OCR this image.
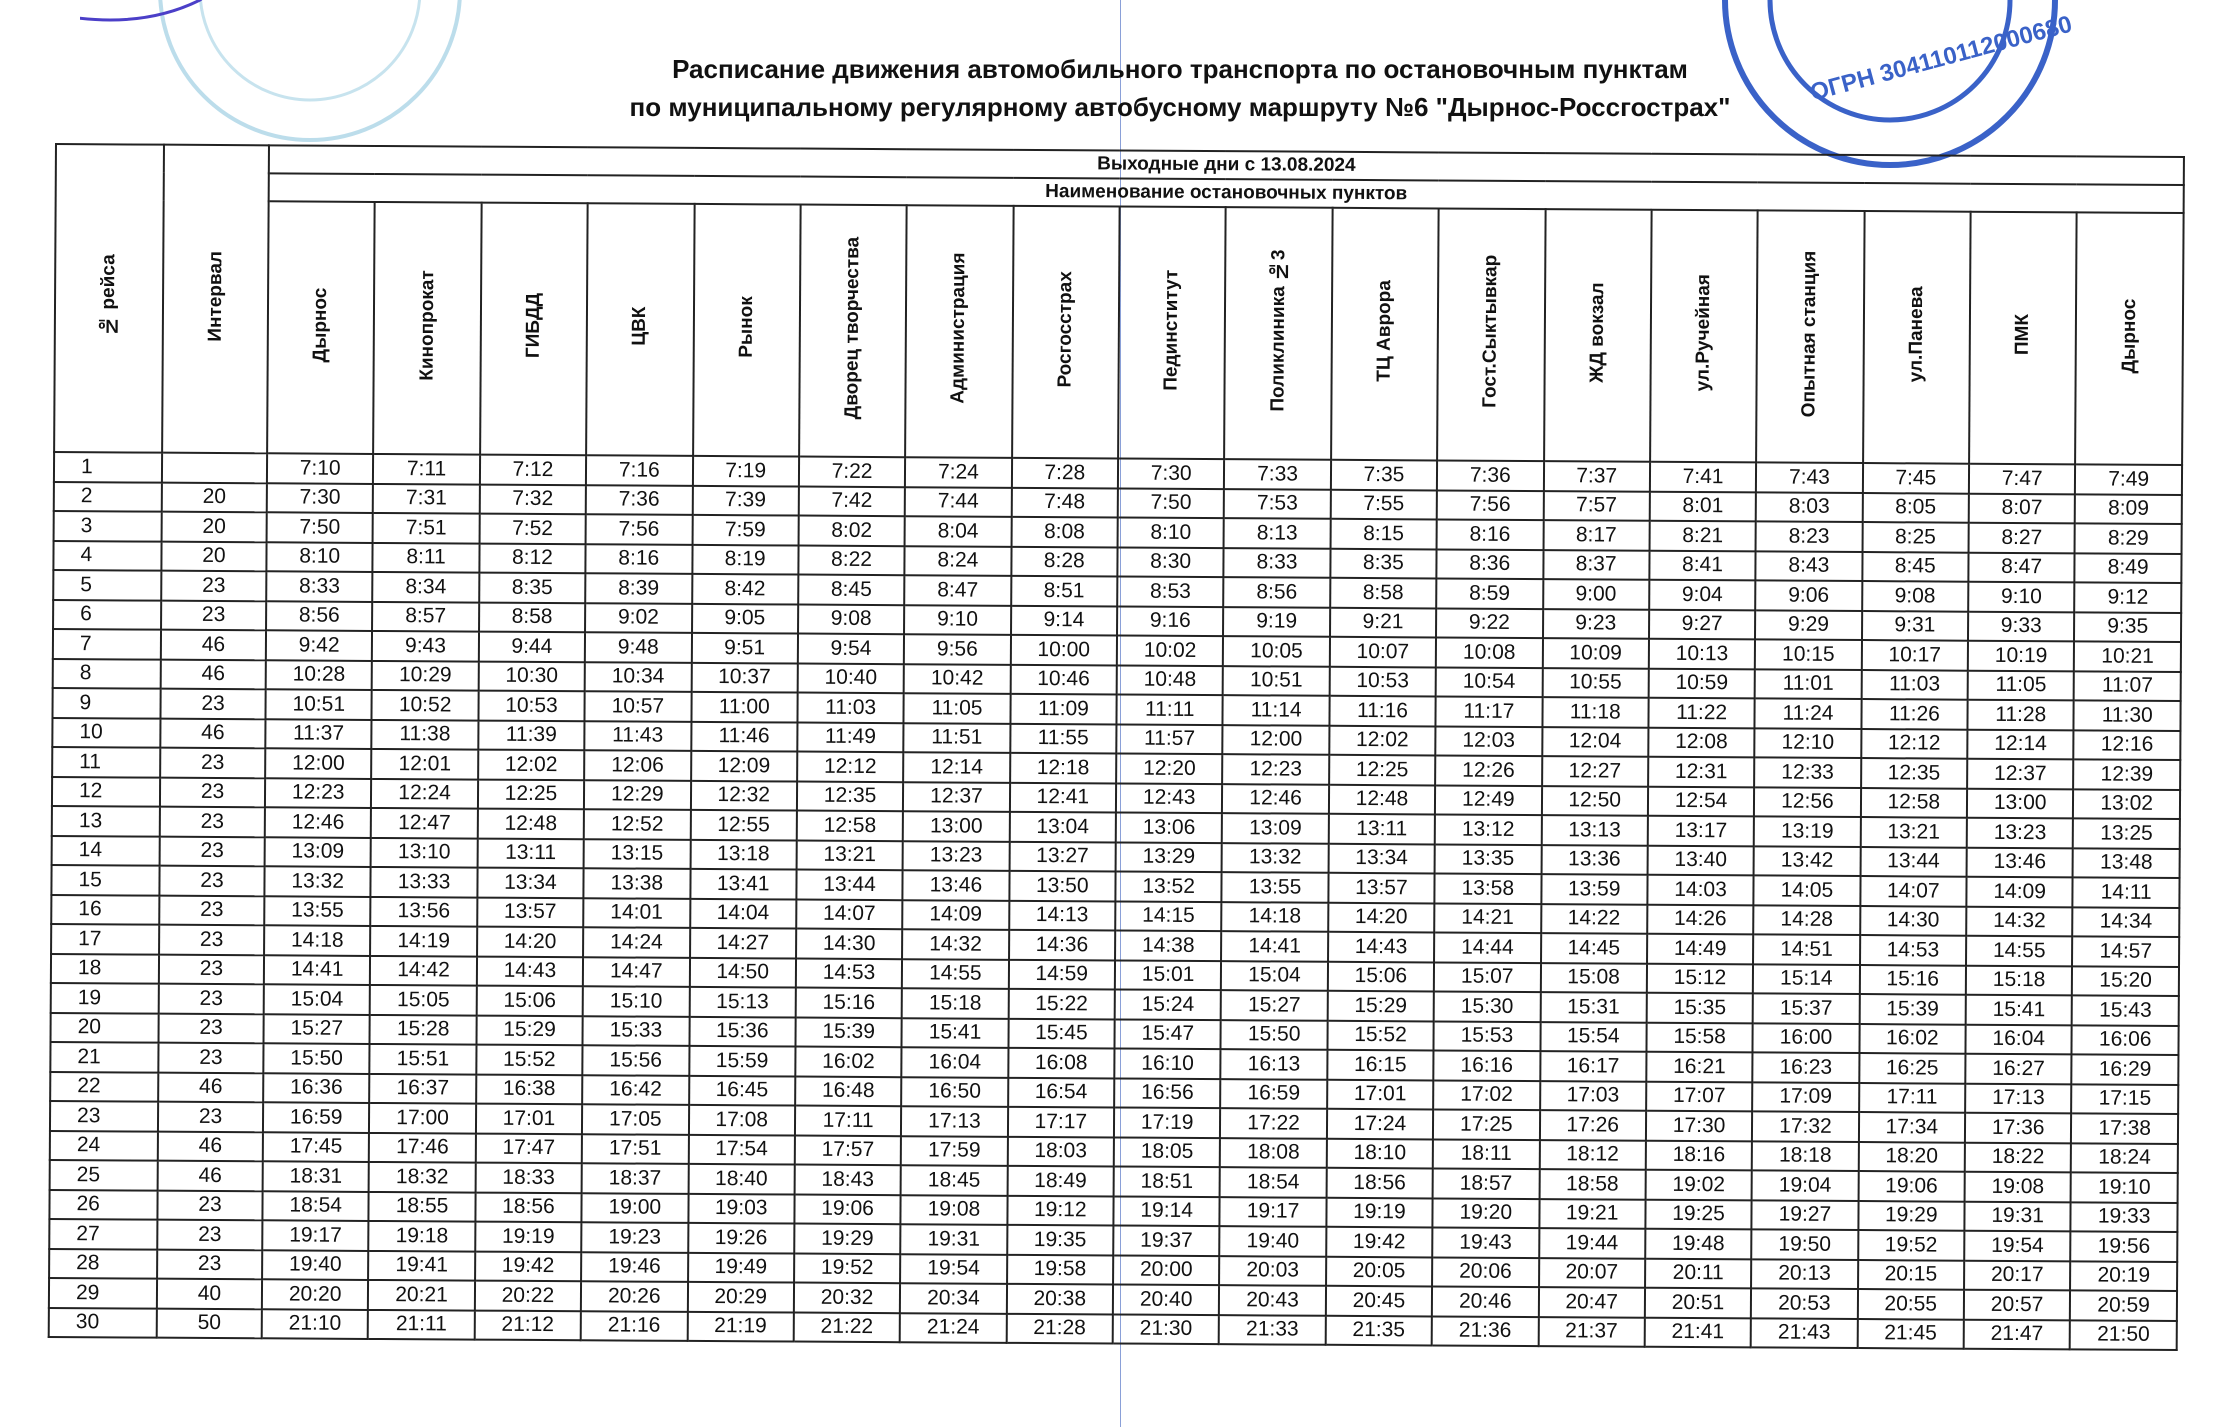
ОГРН 304110112000680
Расписание движения автомобильного транспорта по остановочным пунктам
по муниципальному регулярному автобусному маршруту №6 "Дырнос-Россгострах"
№ рейса	Интервал	Выходные дни с 13.08.2024																	
		Наименование остановочных пунктов																	
		Дырнос	Кинопрокат	ГИБДД	ЦВК	Рынок	Дворец творчества	Администрация	Росгосстрах	Пединститут	Поликлиника №3	ТЦ Аврора	Гост.Сыктывкар	ЖД вокзал	ул.Ручейная	Опытная станция	ул.Панева	ПМК	Дырнос
1		7:10	7:11	7:12	7:16	7:19	7:22	7:24	7:28	7:30	7:33	7:35	7:36	7:37	7:41	7:43	7:45	7:47	7:49
2	20	7:30	7:31	7:32	7:36	7:39	7:42	7:44	7:48	7:50	7:53	7:55	7:56	7:57	8:01	8:03	8:05	8:07	8:09
3	20	7:50	7:51	7:52	7:56	7:59	8:02	8:04	8:08	8:10	8:13	8:15	8:16	8:17	8:21	8:23	8:25	8:27	8:29
4	20	8:10	8:11	8:12	8:16	8:19	8:22	8:24	8:28	8:30	8:33	8:35	8:36	8:37	8:41	8:43	8:45	8:47	8:49
5	23	8:33	8:34	8:35	8:39	8:42	8:45	8:47	8:51	8:53	8:56	8:58	8:59	9:00	9:04	9:06	9:08	9:10	9:12
6	23	8:56	8:57	8:58	9:02	9:05	9:08	9:10	9:14	9:16	9:19	9:21	9:22	9:23	9:27	9:29	9:31	9:33	9:35
7	46	9:42	9:43	9:44	9:48	9:51	9:54	9:56	10:00	10:02	10:05	10:07	10:08	10:09	10:13	10:15	10:17	10:19	10:21
8	46	10:28	10:29	10:30	10:34	10:37	10:40	10:42	10:46	10:48	10:51	10:53	10:54	10:55	10:59	11:01	11:03	11:05	11:07
9	23	10:51	10:52	10:53	10:57	11:00	11:03	11:05	11:09	11:11	11:14	11:16	11:17	11:18	11:22	11:24	11:26	11:28	11:30
10	46	11:37	11:38	11:39	11:43	11:46	11:49	11:51	11:55	11:57	12:00	12:02	12:03	12:04	12:08	12:10	12:12	12:14	12:16
11	23	12:00	12:01	12:02	12:06	12:09	12:12	12:14	12:18	12:20	12:23	12:25	12:26	12:27	12:31	12:33	12:35	12:37	12:39
12	23	12:23	12:24	12:25	12:29	12:32	12:35	12:37	12:41	12:43	12:46	12:48	12:49	12:50	12:54	12:56	12:58	13:00	13:02
13	23	12:46	12:47	12:48	12:52	12:55	12:58	13:00	13:04	13:06	13:09	13:11	13:12	13:13	13:17	13:19	13:21	13:23	13:25
14	23	13:09	13:10	13:11	13:15	13:18	13:21	13:23	13:27	13:29	13:32	13:34	13:35	13:36	13:40	13:42	13:44	13:46	13:48
15	23	13:32	13:33	13:34	13:38	13:41	13:44	13:46	13:50	13:52	13:55	13:57	13:58	13:59	14:03	14:05	14:07	14:09	14:11
16	23	13:55	13:56	13:57	14:01	14:04	14:07	14:09	14:13	14:15	14:18	14:20	14:21	14:22	14:26	14:28	14:30	14:32	14:34
17	23	14:18	14:19	14:20	14:24	14:27	14:30	14:32	14:36	14:38	14:41	14:43	14:44	14:45	14:49	14:51	14:53	14:55	14:57
18	23	14:41	14:42	14:43	14:47	14:50	14:53	14:55	14:59	15:01	15:04	15:06	15:07	15:08	15:12	15:14	15:16	15:18	15:20
19	23	15:04	15:05	15:06	15:10	15:13	15:16	15:18	15:22	15:24	15:27	15:29	15:30	15:31	15:35	15:37	15:39	15:41	15:43
20	23	15:27	15:28	15:29	15:33	15:36	15:39	15:41	15:45	15:47	15:50	15:52	15:53	15:54	15:58	16:00	16:02	16:04	16:06
21	23	15:50	15:51	15:52	15:56	15:59	16:02	16:04	16:08	16:10	16:13	16:15	16:16	16:17	16:21	16:23	16:25	16:27	16:29
22	46	16:36	16:37	16:38	16:42	16:45	16:48	16:50	16:54	16:56	16:59	17:01	17:02	17:03	17:07	17:09	17:11	17:13	17:15
23	23	16:59	17:00	17:01	17:05	17:08	17:11	17:13	17:17	17:19	17:22	17:24	17:25	17:26	17:30	17:32	17:34	17:36	17:38
24	46	17:45	17:46	17:47	17:51	17:54	17:57	17:59	18:03	18:05	18:08	18:10	18:11	18:12	18:16	18:18	18:20	18:22	18:24
25	46	18:31	18:32	18:33	18:37	18:40	18:43	18:45	18:49	18:51	18:54	18:56	18:57	18:58	19:02	19:04	19:06	19:08	19:10
26	23	18:54	18:55	18:56	19:00	19:03	19:06	19:08	19:12	19:14	19:17	19:19	19:20	19:21	19:25	19:27	19:29	19:31	19:33
27	23	19:17	19:18	19:19	19:23	19:26	19:29	19:31	19:35	19:37	19:40	19:42	19:43	19:44	19:48	19:50	19:52	19:54	19:56
28	23	19:40	19:41	19:42	19:46	19:49	19:52	19:54	19:58	20:00	20:03	20:05	20:06	20:07	20:11	20:13	20:15	20:17	20:19
29	40	20:20	20:21	20:22	20:26	20:29	20:32	20:34	20:38	20:40	20:43	20:45	20:46	20:47	20:51	20:53	20:55	20:57	20:59
30	50	21:10	21:11	21:12	21:16	21:19	21:22	21:24	21:28	21:30	21:33	21:35	21:36	21:37	21:41	21:43	21:45	21:47	21:50
